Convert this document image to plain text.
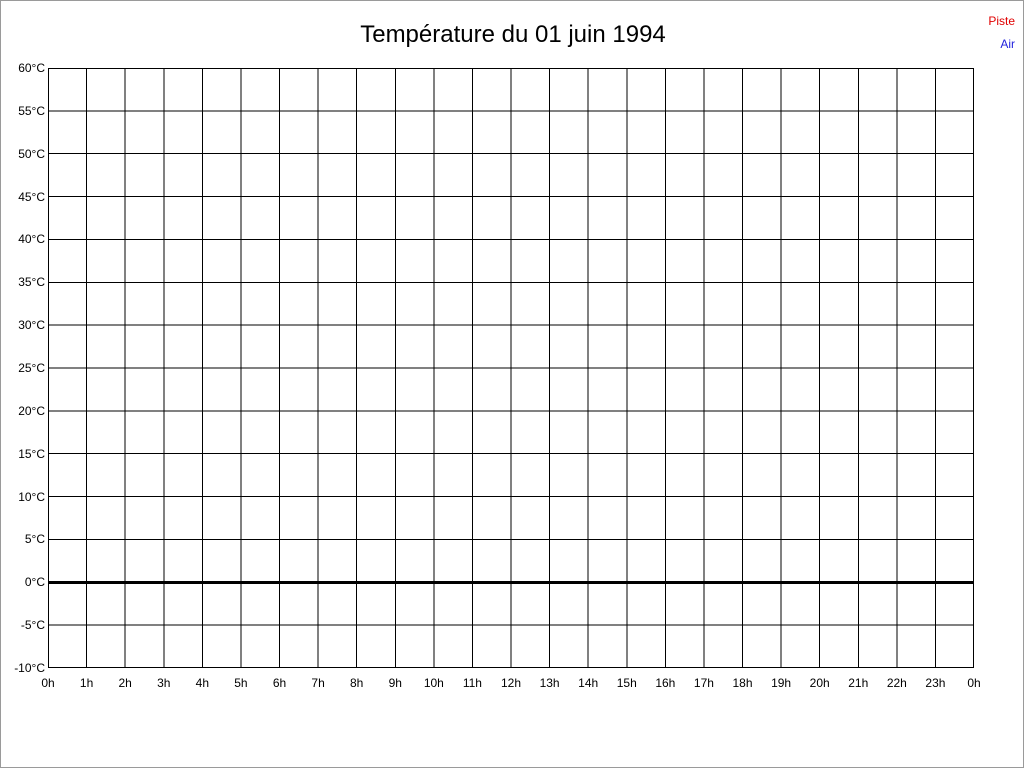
Température du 01 juin 1994	Piste
Air
-10°C
-5°C
0°C
5°C
10°C
15°C
20°C
25°C
30°C
35°C
40°C
45°C
50°C
55°C
60°C
0h	1h	2h	3h	4h	5h	6h	7h	8h	9h	10h	11h	12h	13h	14h	15h	16h	17h	18h	19h	20h	21h	22h	23h	0h
